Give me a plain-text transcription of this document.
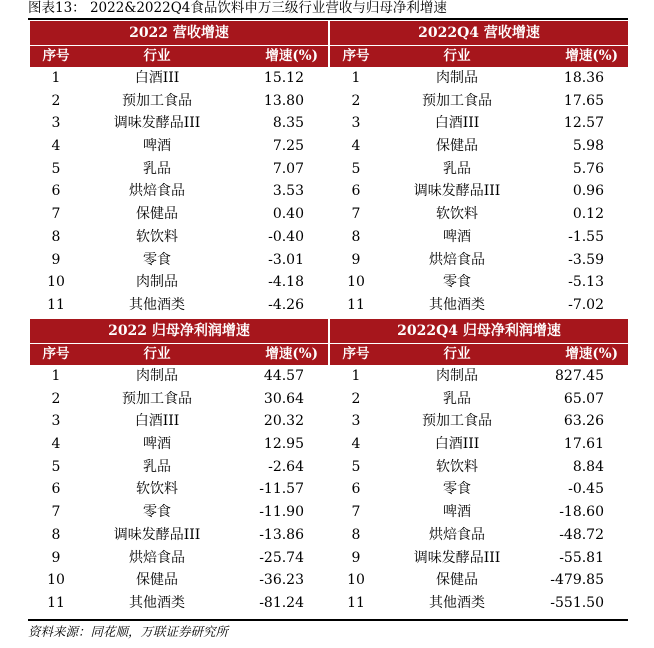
图表13： 2022&2022Q4食品饮料申万三级行业营收与归母净利增速
2022 营收增速
序号	行业	增速(%)
1	白酒III	15.12
2	预加工食品	13.80
3	调味发酵品III	8.35
4	啤酒	7.25
5	乳品	7.07
6	烘焙食品	3.53
7	保健品	0.40
8	软饮料	-0.40
9	零食	-3.01
10	肉制品	-4.18
11	其他酒类	-4.26
2022Q4 营收增速
序号	行业	增速(%)
1	肉制品	18.36
2	预加工食品	17.65
3	白酒III	12.57
4	保健品	5.98
5	乳品	5.76
6	调味发酵品III	0.96
7	软饮料	0.12
8	啤酒	-1.55
9	烘焙食品	-3.59
10	零食	-5.13
11	其他酒类	-7.02
2022 归母净利润增速
序号	行业	增速(%)
1	肉制品	44.57
2	预加工食品	30.64
3	白酒III	20.32
4	啤酒	12.95
5	乳品	-2.64
6	软饮料	-11.57
7	零食	-11.90
8	调味发酵品III	-13.86
9	烘焙食品	-25.74
10	保健品	-36.23
11	其他酒类	-81.24
2022Q4 归母净利润增速
序号	行业	增速(%)
1	肉制品	827.45
2	乳品	65.07
3	预加工食品	63.26
4	白酒III	17.61
5	软饮料	8.84
6	零食	-0.45
7	啤酒	-18.60
8	烘焙食品	-48.72
9	调味发酵品III	-55.81
10	保健品	-479.85
11	其他酒类	-551.50
资料来源：同花顺，万联证券研究所
